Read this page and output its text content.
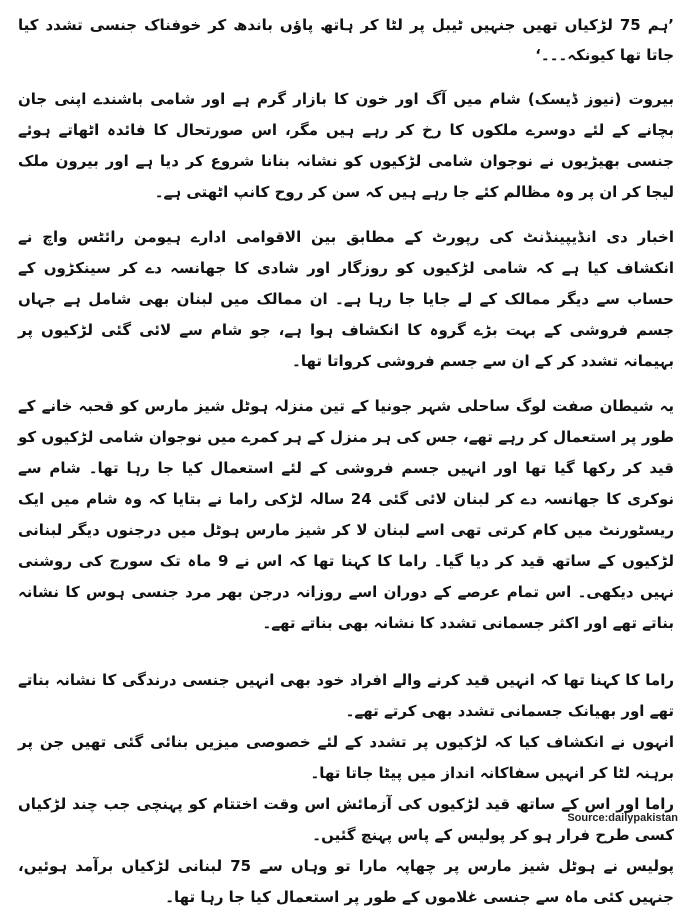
’ہم 75 لڑکیاں تھیں جنہیں ٹیبل پر لٹا کر ہاتھ پاؤں باندھ کر خوفناک جنسی تشدد کیا جاتا تھا کیونکہ۔۔۔‘

بیروت (نیوز ڈیسک) شام میں آگ اور خون کا بازار گرم ہے اور شامی باشندے اپنی جان بچانے کے لئے دوسرے ملکوں کا رخ کر رہے ہیں مگر، اس صورتحال کا فائدہ اٹھاتے ہوئے جنسی بھیڑیوں نے نوجوان شامی لڑکیوں کو نشانہ بنانا شروع کر دیا ہے اور بیرون ملک لیجا کر ان پر وہ مظالم کئے جا رہے ہیں کہ سن کر روح کانپ اٹھتی ہے۔

اخبار دی انڈیپینڈنٹ کی رپورٹ کے مطابق بین الاقوامی ادارے ہیومن رائٹس واچ نے انکشاف کیا ہے کہ شامی لڑکیوں کو روزگار اور شادی کا جھانسہ دے کر سینکڑوں کے حساب سے دیگر ممالک کے لے جایا جا رہا ہے۔ ان ممالک میں لبنان بھی شامل ہے جہاں جسم فروشی کے بہت بڑے گروہ کا انکشاف ہوا ہے، جو شام سے لائی گئی لڑکیوں پر بہیمانہ تشدد کر کے ان سے جسم فروشی کرواتا تھا۔

یہ شیطان صفت لوگ ساحلی شہر جونیا کے تین منزلہ ہوٹل شیز مارس کو قحبہ خانے کے طور پر استعمال کر رہے تھے، جس کی ہر منزل کے ہر کمرے میں نوجوان شامی لڑکیوں کو قید کر رکھا گیا تھا اور انہیں جسم فروشی کے لئے استعمال کیا جا رہا تھا۔ شام سے نوکری کا جھانسہ دے کر لبنان لائی گئی 24 سالہ لڑکی راما نے بتایا کہ وہ شام میں ایک ریسٹورنٹ میں کام کرتی تھی اسے لبنان لا کر شیز مارس ہوٹل میں درجنوں دیگر لبنانی لڑکیوں کے ساتھ قید کر دیا گیا۔ راما کا کہنا تھا کہ اس نے 9 ماہ تک سورج کی روشنی نہیں دیکھی۔ اس تمام عرصے کے دوران اسے روزانہ درجن بھر مرد جنسی ہوس کا نشانہ بناتے تھے اور اکثر جسمانی تشدد کا نشانہ بھی بناتے تھے۔

راما کا کہنا تھا کہ انہیں قید کرنے والے افراد خود بھی انہیں جنسی درندگی کا نشانہ بناتے تھے اور بھیانک جسمانی تشدد بھی کرتے تھے۔

انہوں نے انکشاف کیا کہ لڑکیوں پر تشدد کے لئے خصوصی میزیں بنائی گئی تھیں جن پر برہنہ لٹا کر انہیں سفاکانہ انداز میں پیٹا جاتا تھا۔

راما اور اس کے ساتھ قید لڑکیوں کی آزمائش اس وقت اختتام کو پہنچی جب چند لڑکیاں کسی طرح فرار ہو کر پولیس کے پاس پہنچ گئیں۔

پولیس نے ہوٹل شیز مارس پر چھاپہ مارا تو وہاں سے 75 لبنانی لڑکیاں برآمد ہوئیں، جنہیں کئی ماہ سے جنسی غلاموں کے طور پر استعمال کیا جا رہا تھا۔

Source:dailypakistan
